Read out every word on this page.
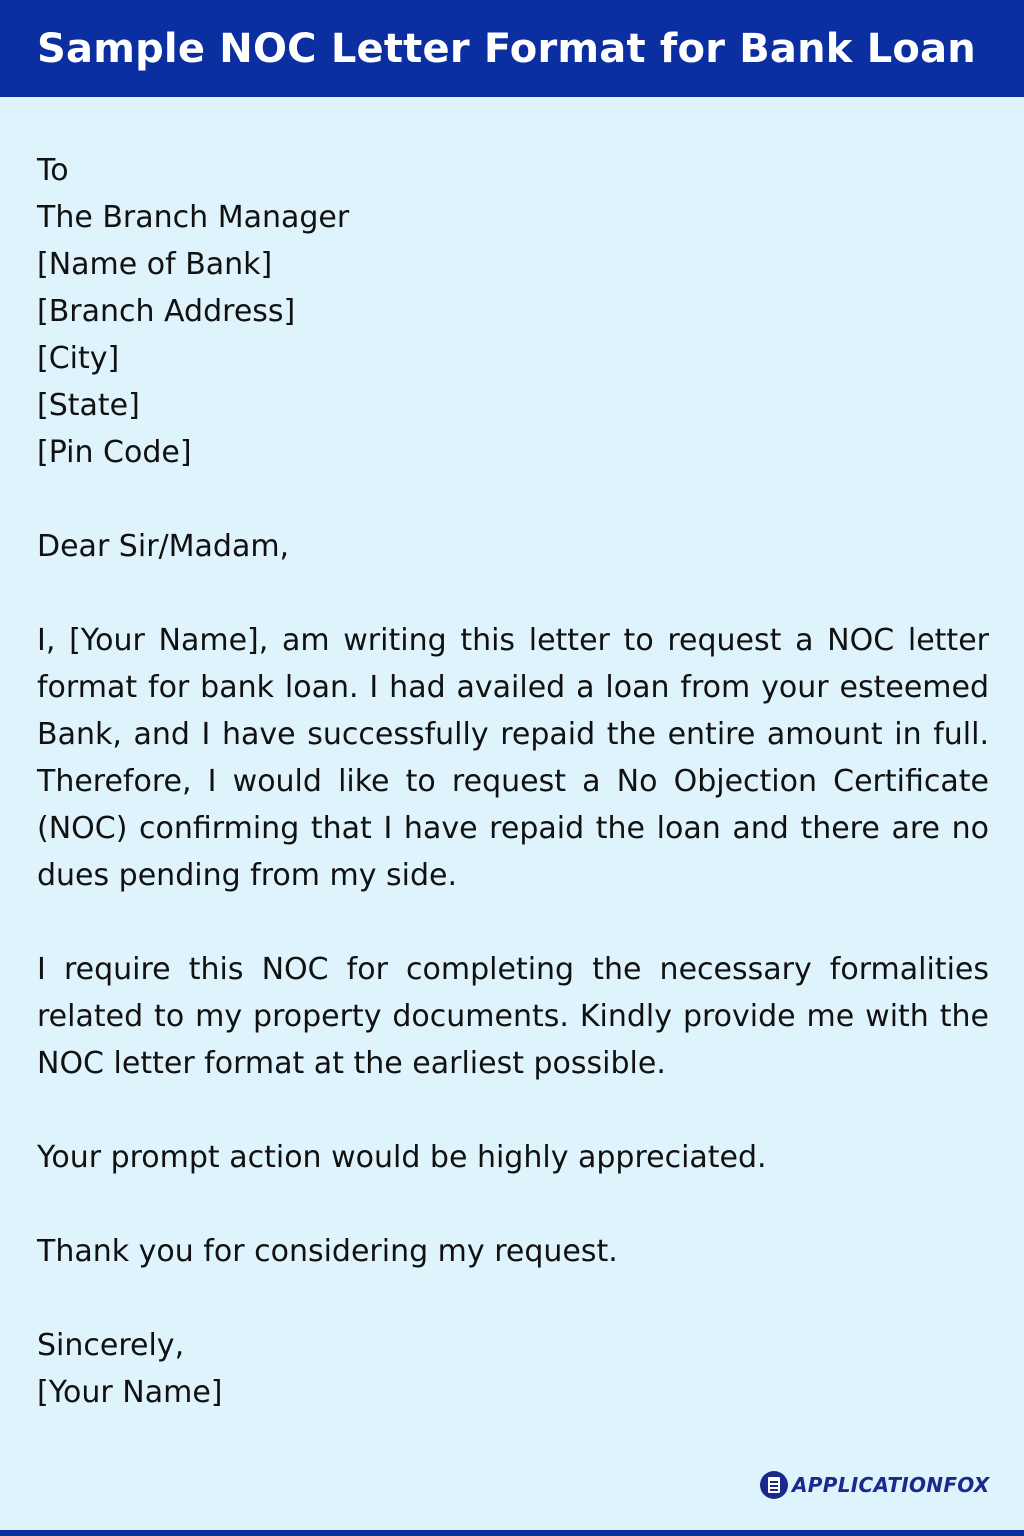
Sample NOC Letter Format for Bank Loan
To
The Branch Manager
[Name of Bank]
[Branch Address]
[City]
[State]
[Pin Code]

Dear Sir/Madam,

I, [Your Name], am writing this letter to request a NOC letter format for bank loan. I had availed a loan from your esteemed Bank, and I have successfully repaid the entire amount in full. Therefore, I would like to request a No Objection Certificate (NOC) confirming that I have repaid the loan and there are no dues pending from my side.

I require this NOC for completing the necessary formalities related to my property documents. Kindly provide me with the NOC letter format at the earliest possible.

Your prompt action would be highly appreciated.

Thank you for considering my request.

Sincerely,

[Your Name]

APPLICATIONFOX
